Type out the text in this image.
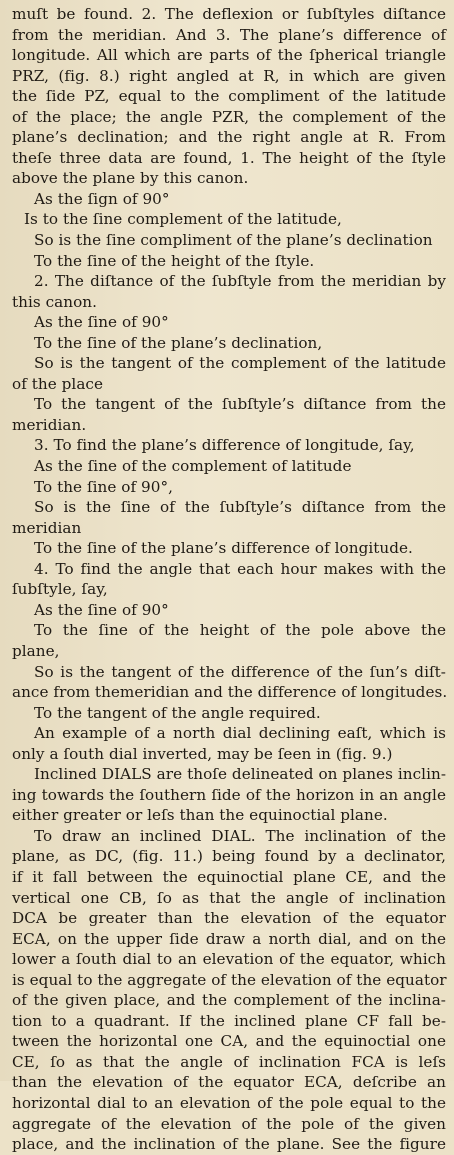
muſt be found. 2. The deflexion or ſubſtyles diſtance
from the meridian. And 3. The plane’s difference of
longitude. All which are parts of the ſpherical triangle
PRZ, (fig. 8.) right angled at R, in which are given
the ſide PZ, equal to the compliment of the latitude
of the place; the angle PZR, the complement of the
plane’s declination; and the right angle at R. From
theſe three data are found, 1. The height of the ſtyle
above the plane by this canon.
As the ſign of 90°
Is to the ſine complement of the latitude,
So is the ſine compliment of the plane’s declination
To the ſine of the height of the ſtyle.
2. The diſtance of the ſubſtyle from the meridian by
this canon.
As the ſine of 90°
To the ſine of the plane’s declination,
So is the tangent of the complement of the latitude
of the place
To the tangent of the ſubſtyle’s diſtance from the
meridian.
3. To find the plane’s difference of longitude, ſay,
As the ſine of the complement of latitude
To the ſine of 90°,
So is the ſine of the ſubſtyle’s diſtance from the
meridian
To the ſine of the plane’s difference of longitude.
4. To find the angle that each hour makes with the
ſubſtyle, ſay,
As the ſine of 90°
To the ſine of the height of the pole above the
plane,
So is the tangent of the difference of the ſun’s diſt-
ance from themeridian and the difference of longitudes.
To the tangent of the angle required.
An example of a north dial declining eaſt, which is
only a ſouth dial inverted, may be ſeen in (fig. 9.)
Inclined DIALS are thoſe delineated on planes inclin-
ing towards the ſouthern ſide of the horizon in an angle
either greater or leſs than the equinoctial plane.
To draw an inclined DIAL. The inclination of the
plane, as DC, (fig. 11.) being found by a declinator,
if it fall between the equinoctial plane CE, and the
vertical one CB, ſo as that the angle of inclination
DCA be greater than the elevation of the equator
ECA, on the upper ſide draw a north dial, and on the
lower a ſouth dial to an elevation of the equator, which
is equal to the aggregate of the elevation of the equator
of the given place, and the complement of the inclina-
tion to a quadrant. If the inclined plane CF fall be-
tween the horizontal one CA, and the equinoctial one
CE, ſo as that the angle of inclination FCA is leſs
than the elevation of the equator ECA, deſcribe an
horizontal dial to an elevation of the pole equal to the
aggregate of the elevation of the pole of the given
place, and the inclination of the plane. See the figure
